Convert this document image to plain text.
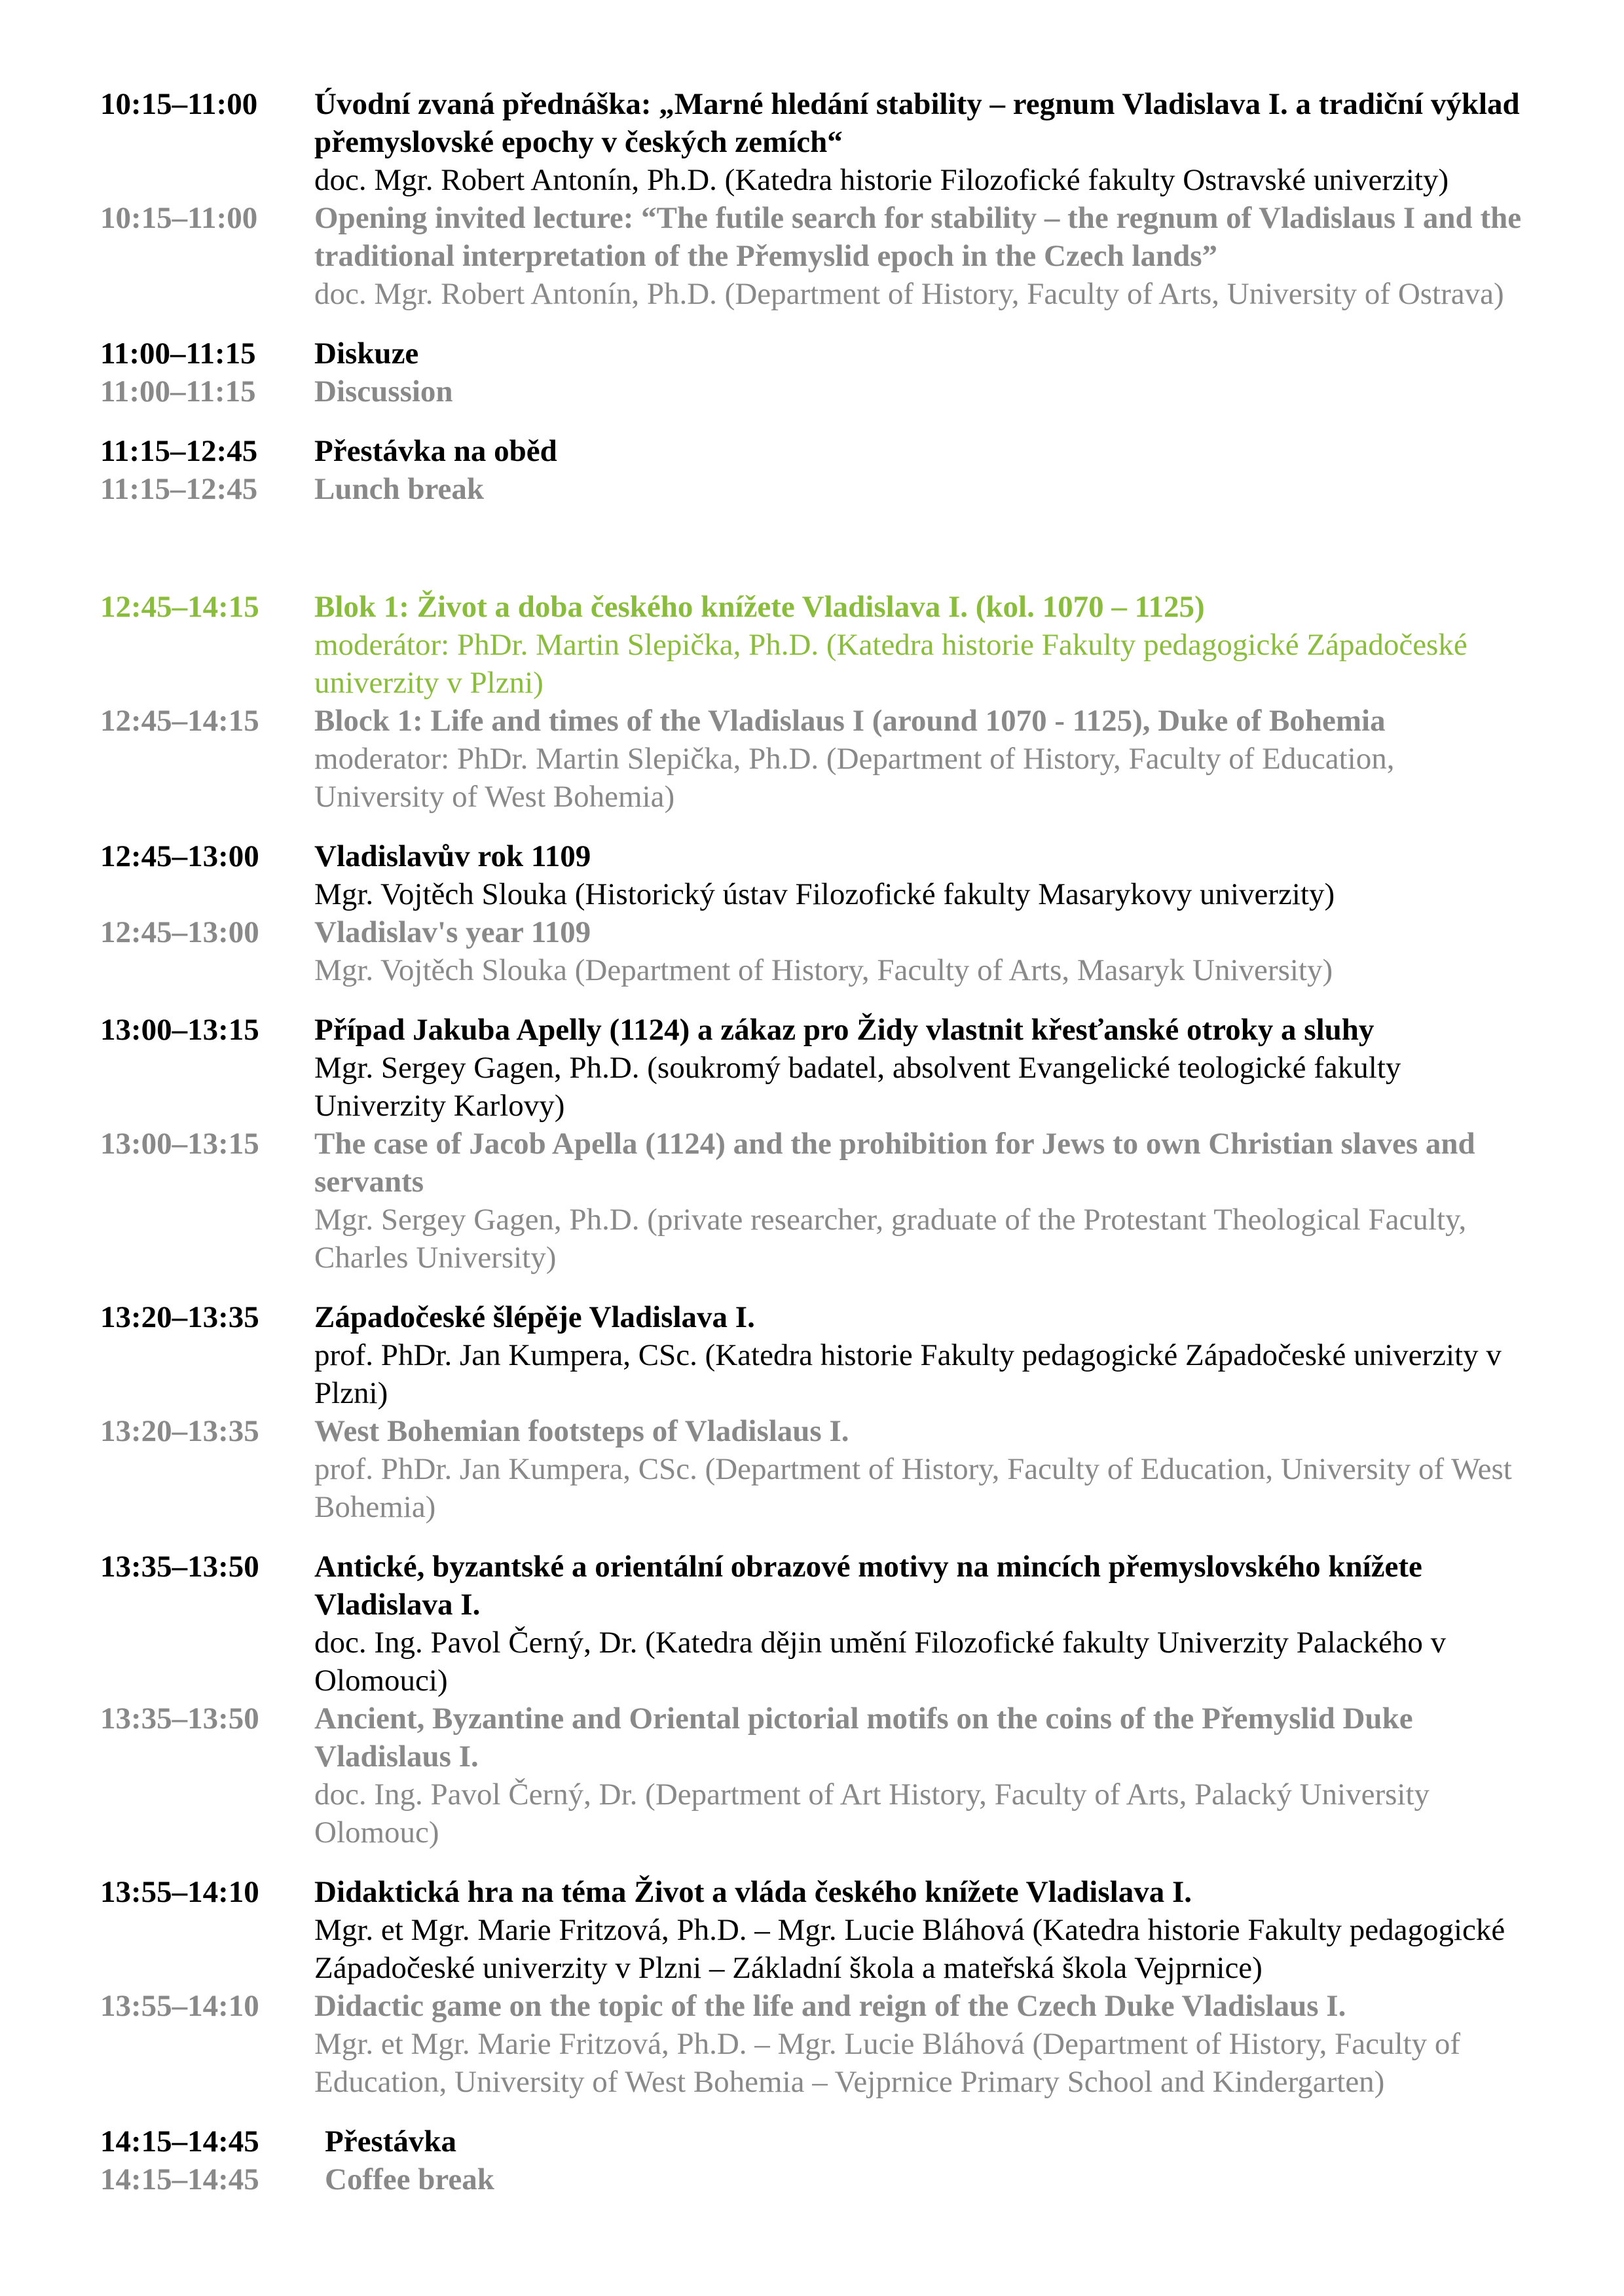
10:15–11:00	Úvodní zvaná přednáška: „Marné hledání stability – regnum Vladislava I. a tradiční výklad přemyslovské epochy v českých zemích“
doc. Mgr. Robert Antonín, Ph.D. (Katedra historie Filozofické fakulty Ostravské univerzity)
10:15–11:00	Opening invited lecture: “The futile search for stability – the regnum of Vladislaus I and the traditional interpretation of the Přemyslid epoch in the Czech lands”
doc. Mgr. Robert Antonín, Ph.D. (Department of History, Faculty of Arts, University of Ostrava)
11:00–11:15	Diskuze
11:00–11:15	Discussion
11:15–12:45	Přestávka na oběd
11:15–12:45	Lunch break
12:45–14:15	Blok 1: Život a doba českého knížete Vladislava I. (kol. 1070 – 1125)
moderátor: PhDr. Martin Slepička, Ph.D. (Katedra historie Fakulty pedagogické Západočeské univerzity v Plzni)
12:45–14:15	Block 1: Life and times of the Vladislaus I (around 1070 - 1125), Duke of Bohemia
moderator: PhDr. Martin Slepička, Ph.D. (Department of History, Faculty of Education, University of West Bohemia)
12:45–13:00	Vladislavův rok 1109
Mgr. Vojtěch Slouka (Historický ústav Filozofické fakulty Masarykovy univerzity)
12:45–13:00	Vladislav's year 1109
Mgr. Vojtěch Slouka (Department of History, Faculty of Arts, Masaryk University)
13:00–13:15	Případ Jakuba Apelly (1124) a zákaz pro Židy vlastnit křesťanské otroky a sluhy
Mgr. Sergey Gagen, Ph.D. (soukromý badatel, absolvent Evangelické teologické fakulty Univerzity Karlovy)
13:00–13:15	The case of Jacob Apella (1124) and the prohibition for Jews to own Christian slaves and servants
Mgr. Sergey Gagen, Ph.D. (private researcher, graduate of the Protestant Theological Faculty, Charles University)
13:20–13:35	Západočeské šlépěje Vladislava I.
prof. PhDr. Jan Kumpera, CSc. (Katedra historie Fakulty pedagogické Západočeské univerzity v Plzni)
13:20–13:35	West Bohemian footsteps of Vladislaus I.
prof. PhDr. Jan Kumpera, CSc. (Department of History, Faculty of Education, University of West Bohemia)
13:35–13:50	Antické, byzantské a orientální obrazové motivy na mincích přemyslovského knížete Vladislava I.
doc. Ing. Pavol Černý, Dr. (Katedra dějin umění Filozofické fakulty Univerzity Palackého v Olomouci)
13:35–13:50	Ancient, Byzantine and Oriental pictorial motifs on the coins of the Přemyslid Duke Vladislaus I.
doc. Ing. Pavol Černý, Dr. (Department of Art History, Faculty of Arts, Palacký University Olomouc)
13:55–14:10	Didaktická hra na téma Život a vláda českého knížete Vladislava I.
Mgr. et Mgr. Marie Fritzová, Ph.D. – Mgr. Lucie Bláhová (Katedra historie Fakulty pedagogické Západočeské univerzity v Plzni – Základní škola a mateřská škola Vejprnice)
13:55–14:10	Didactic game on the topic of the life and reign of the Czech Duke Vladislaus I.
Mgr. et Mgr. Marie Fritzová, Ph.D. – Mgr. Lucie Bláhová (Department of History, Faculty of Education, University of West Bohemia – Vejprnice Primary School and Kindergarten)
14:15–14:45	Přestávka
14:15–14:45	Coffee break
